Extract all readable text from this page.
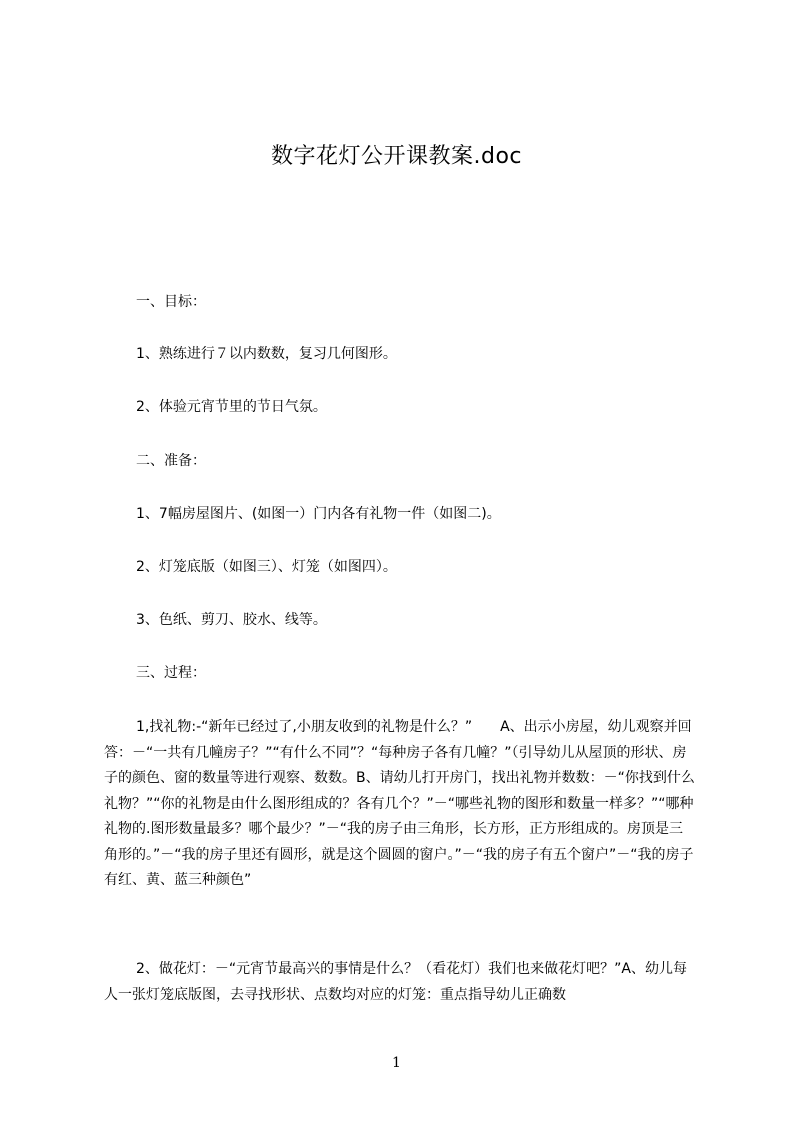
数字花灯公开课教案.doc
一、目标：
1、熟练进行７以内数数，复习几何图形。
2、体验元宵节里的节日气氛。
二、准备：
1、7幅房屋图片、(如图一）门内各有礼物一件（如图二)。
2、灯笼底版（如图三）、灯笼（如图四）。
3、色纸、剪刀、胶水、线等。
三、过程：
1,找礼物:-“新年已经过了,小朋友收到的礼物是什么？”　　A、出示小房屋，幼儿观察并回答：－“一共有几幢房子？”“有什么不同”？“每种房子各有几幢？”（引导幼儿从屋顶的形状、房子的颜色、窗的数量等进行观察、数数。B、请幼儿打开房门，找出礼物并数数：－“你找到什么礼物？”“你的礼物是由什么图形组成的？各有几个？”－“哪些礼物的图形和数量一样多？”“哪种礼物的.图形数量最多？哪个最少？”－“我的房子由三角形，长方形，正方形组成的。房顶是三角形的。”－“我的房子里还有圆形，就是这个圆圆的窗户。”－“我的房子有五个窗户”－“我的房子有红、黄、蓝三种颜色”
2、做花灯：－“元宵节最高兴的事情是什么？（看花灯）我们也来做花灯吧？”A、幼儿每人一张灯笼底版图，去寻找形状、点数均对应的灯笼：重点指导幼儿正确数
1
